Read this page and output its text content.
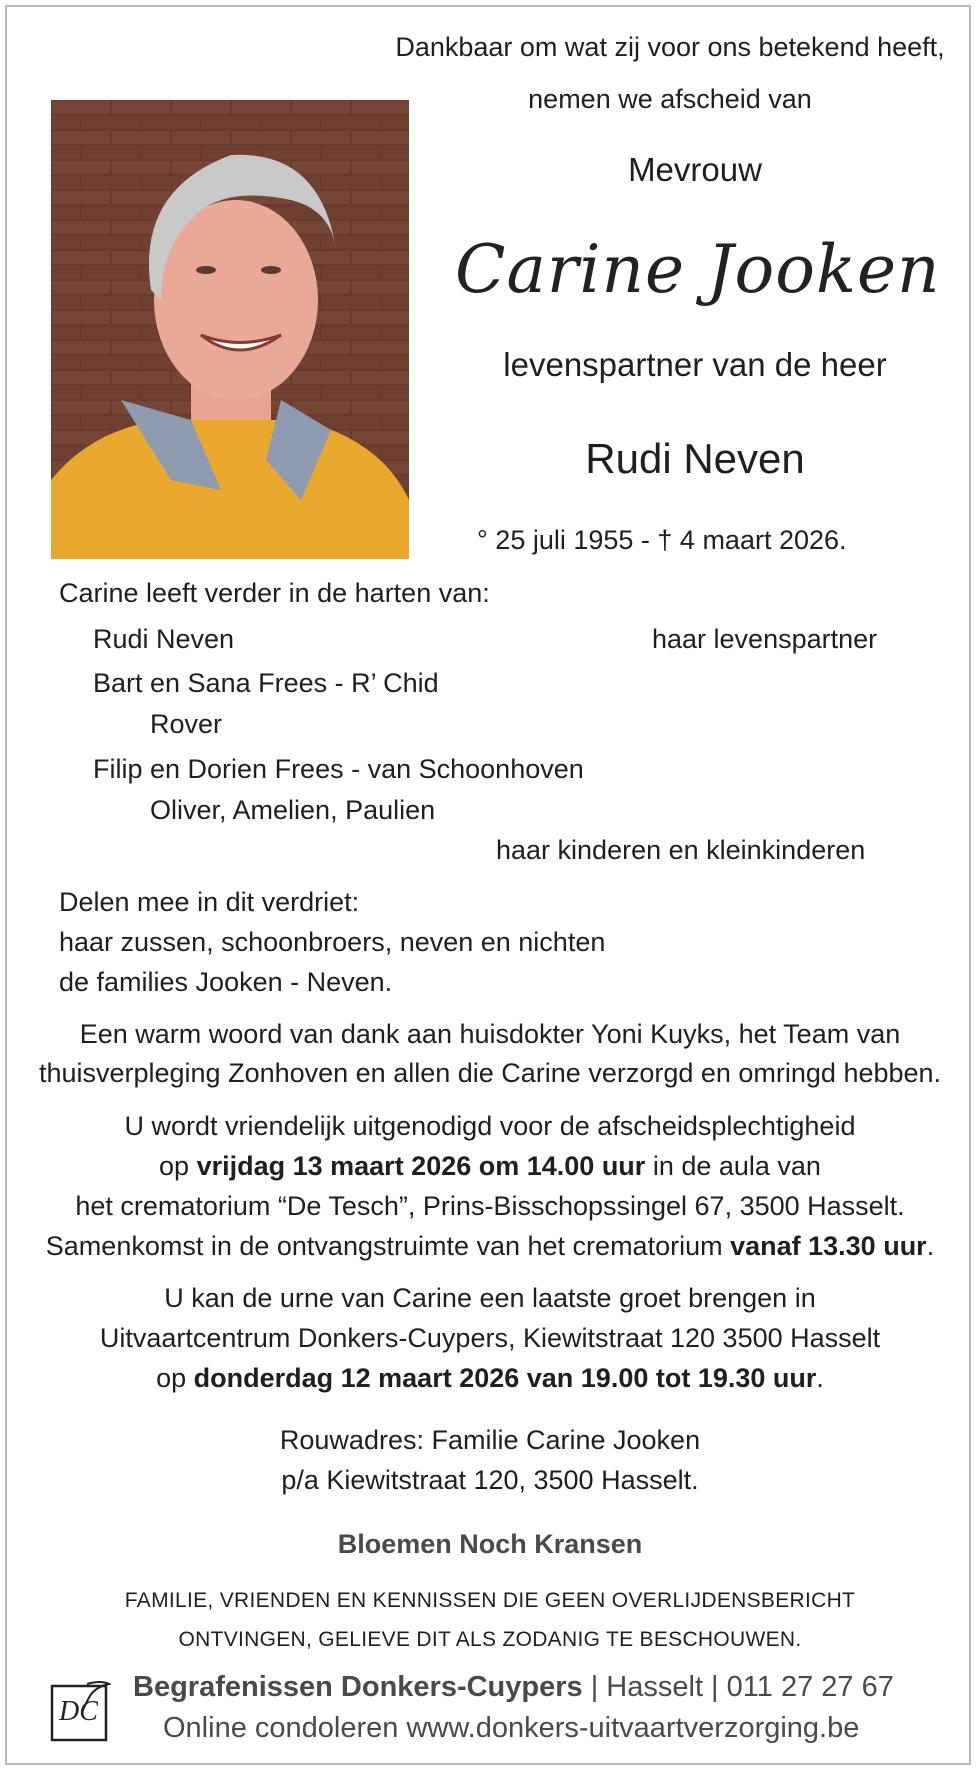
Dankbaar om wat zij voor ons betekend heeft,
nemen we afscheid van
Mevrouw
Carine Jooken
levenspartner van de heer
Rudi Neven
° 25 juli 1955 - † 4 maart 2026.
Carine leeft verder in de harten van:
Rudi Neven	haar levenspartner
Bart en Sana Frees - R’ Chid
Rover
Filip en Dorien Frees - van Schoonhoven
Oliver, Amelien, Paulien
haar kinderen en kleinkinderen
Delen mee in dit verdriet:
haar zussen, schoonbroers, neven en nichten
de families Jooken - Neven.
Een warm woord van dank aan huisdokter Yoni Kuyks, het Team van
thuisverpleging Zonhoven en allen die Carine verzorgd en omringd hebben.
U wordt vriendelijk uitgenodigd voor de afscheidsplechtigheid
op vrijdag 13 maart 2026 om 14.00 uur in de aula van
het crematorium “De Tesch”, Prins-Bisschopssingel 67, 3500 Hasselt.
Samenkomst in de ontvangstruimte van het crematorium vanaf 13.30 uur.
U kan de urne van Carine een laatste groet brengen in
Uitvaartcentrum Donkers-Cuypers, Kiewitstraat 120 3500 Hasselt
op donderdag 12 maart 2026 van 19.00 tot 19.30 uur.
Rouwadres: Familie Carine Jooken
p/a Kiewitstraat 120, 3500 Hasselt.
Bloemen Noch Kransen
FAMILIE, VRIENDEN EN KENNISSEN DIE GEEN OVERLIJDENSBERICHT
ONTVINGEN, GELIEVE DIT ALS ZODANIG TE BESCHOUWEN.
DC
Begrafenissen Donkers-Cuypers | Hasselt | 011 27 27 67
Online condoleren www.donkers-uitvaartverzorging.be
